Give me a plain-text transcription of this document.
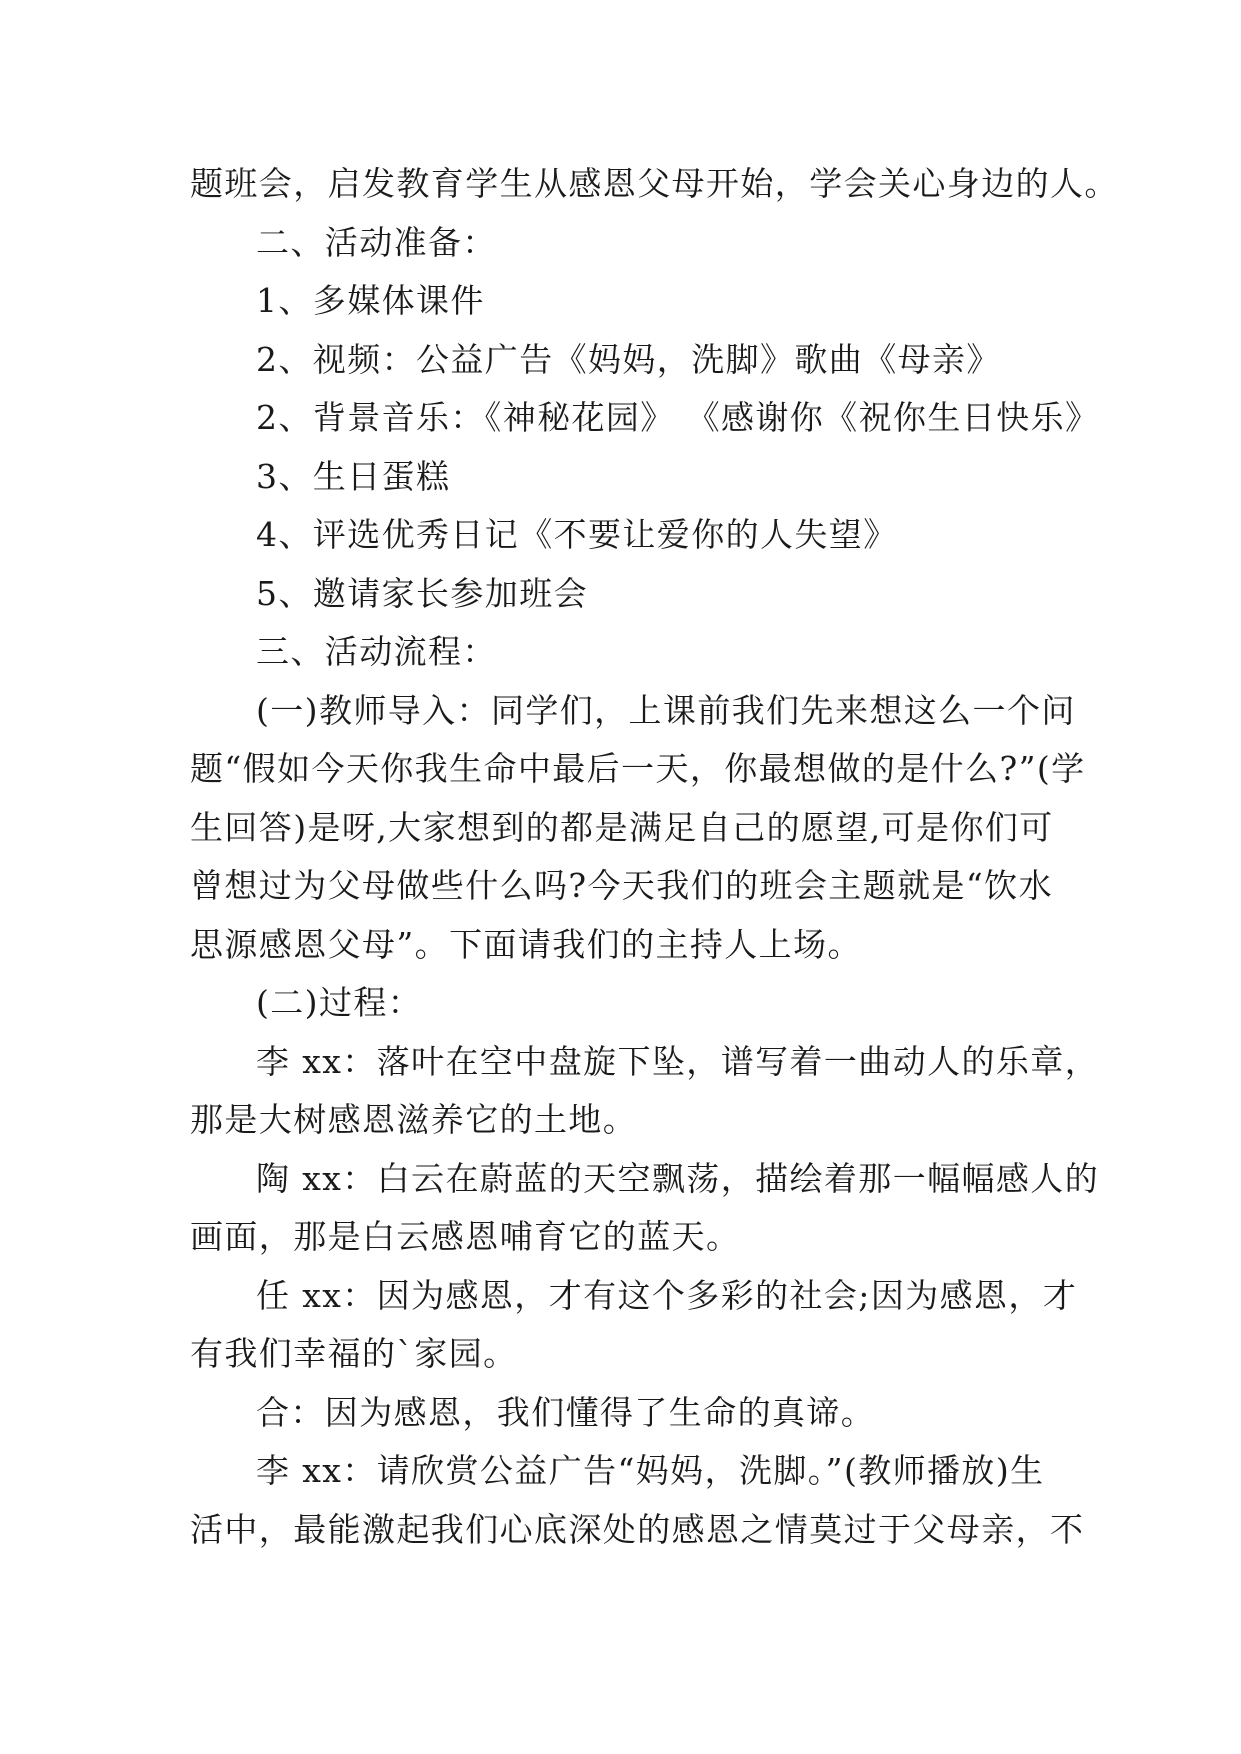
题班会，启发教育学生从感恩父母开始，学会关心身边的人。
二、活动准备：
1、多媒体课件
2、视频：公益广告《妈妈，洗脚》歌曲《母亲》
2、背景音乐：《神秘花园》 《感谢你《祝你生日快乐》
3、生日蛋糕
4、评选优秀日记《不要让爱你的人失望》
5、邀请家长参加班会
三、活动流程：
(一)教师导入：同学们，上课前我们先来想这么一个问
题“假如今天你我生命中最后一天，你最想做的是什么?”(学
生回答)是呀,大家想到的都是满足自己的愿望,可是你们可
曾想过为父母做些什么吗?今天我们的班会主题就是“饮水
思源感恩父母”。下面请我们的主持人上场。
(二)过程：
李 xx：落叶在空中盘旋下坠，谱写着一曲动人的乐章，
那是大树感恩滋养它的土地。
陶 xx：白云在蔚蓝的天空飘荡，描绘着那一幅幅感人的
画面，那是白云感恩哺育它的蓝天。
任 xx：因为感恩，才有这个多彩的社会;因为感恩，才
有我们幸福的`家园。
合：因为感恩，我们懂得了生命的真谛。
李 xx：请欣赏公益广告“妈妈，洗脚。”(教师播放)生
活中，最能激起我们心底深处的感恩之情莫过于父母亲，不
